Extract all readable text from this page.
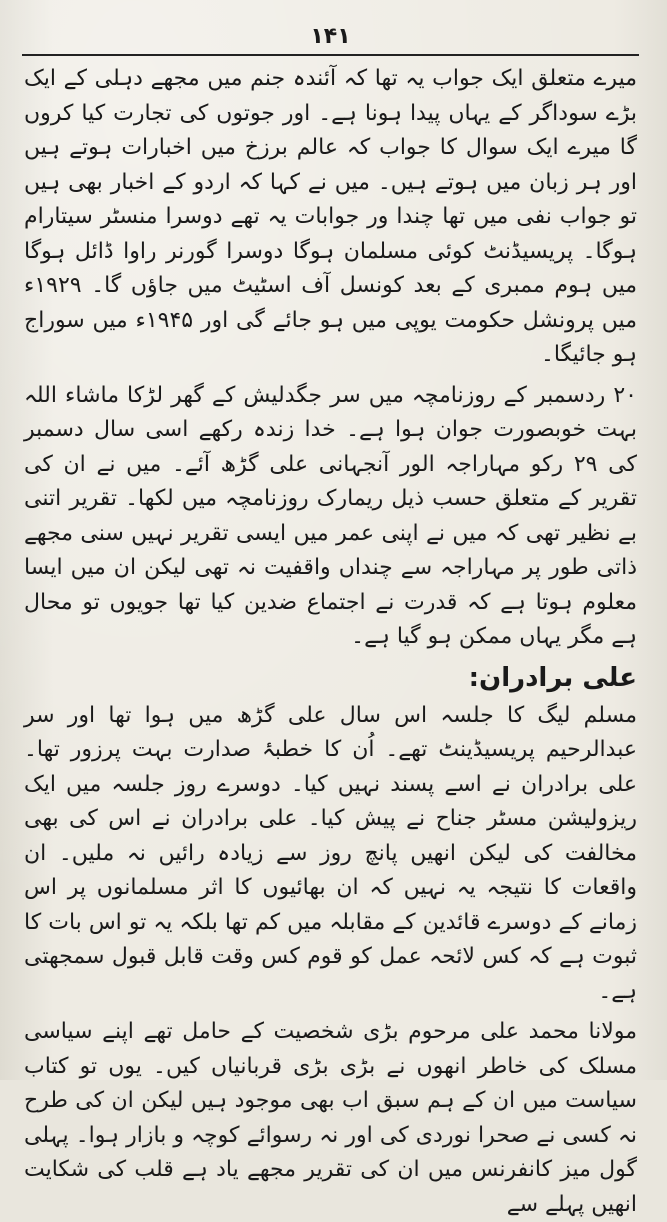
۱۴۱

میرے متعلق ایک جواب یہ تھا کہ آئندہ جنم میں مجھے دہلی کے ایک بڑے سوداگر کے یہاں پیدا ہونا ہے۔ اور جوتوں کی تجارت کیا کروں گا میرے ایک سوال کا جواب کہ عالم برزخ میں اخبارات ہوتے ہیں اور ہر زبان میں ہوتے ہیں۔ میں نے کہا کہ اردو کے اخبار بھی ہیں تو جواب نفی میں تھا چندا ور جوابات یہ تھے دوسرا منسٹر سیتارام ہوگا۔ پریسیڈنٹ کوئی مسلمان ہوگا دوسرا گورنر راوا ڈائل ہوگا میں ہوم ممبری کے بعد کونسل آف اسٹیٹ میں جاؤں گا۔ ۱۹۲۹ء میں پرونشل حکومت یوپی میں ہو جائے گی اور ۱۹۴۵ء میں سوراج ہو جائیگا۔

۲۰ ردسمبر کے روزنامچہ میں سر جگدلیش کے گھر لڑکا ماشاء اللہ بہت خوبصورت جوان ہوا ہے۔ خدا زندہ رکھے اسی سال دسمبر کی ۲۹ رکو مہاراجہ الور آنجہانی علی گڑھ آئے۔ میں نے ان کی تقریر کے متعلق حسب ذیل ریمارک روزنامچہ میں لکھا۔ تقریر اتنی بے نظیر تھی کہ میں نے اپنی عمر میں ایسی تقریر نہیں سنی مجھے ذاتی طور پر مہاراجہ سے چنداں واقفیت نہ تھی لیکن ان میں ایسا معلوم ہوتا ہے کہ قدرت نے اجتماع ضدین کیا تھا جویوں تو محال ہے مگر یہاں ممکن ہو گیا ہے۔

علی برادران:

مسلم لیگ کا جلسہ اس سال علی گڑھ میں ہوا تھا اور سر عبدالرحیم پریسیڈینٹ تھے۔ اُن کا خطبۂ صدارت بہت پرزور تھا۔ علی برادران نے اسے پسند نہیں کیا۔ دوسرے روز جلسہ میں ایک ریزولیشن مسٹر جناح نے پیش کیا۔ علی برادران نے اس کی بھی مخالفت کی لیکن انھیں پانچ روز سے زیادہ رائیں نہ ملیں۔ ان واقعات کا نتیجہ یہ نہیں کہ ان بھائیوں کا اثر مسلمانوں پر اس زمانے کے دوسرے قائدین کے مقابلہ میں کم تھا بلکہ یہ تو اس بات کا ثبوت ہے کہ کس لائحہ عمل کو قوم کس وقت قابل قبول سمجھتی ہے۔

مولانا محمد علی مرحوم بڑی شخصیت کے حامل تھے اپنے سیاسی مسلک کی خاطر انھوں نے بڑی بڑی قربانیاں کیں۔ یوں تو کتاب سیاست میں ان کے ہم سبق اب بھی موجود ہیں لیکن ان کی طرح نہ کسی نے صحرا نوردی کی اور نہ رسوائے کوچہ و بازار ہوا۔ پہلی گول میز کانفرنس میں ان کی تقریر مجھے یاد ہے قلب کی شکایت انھیں پہلے سے
